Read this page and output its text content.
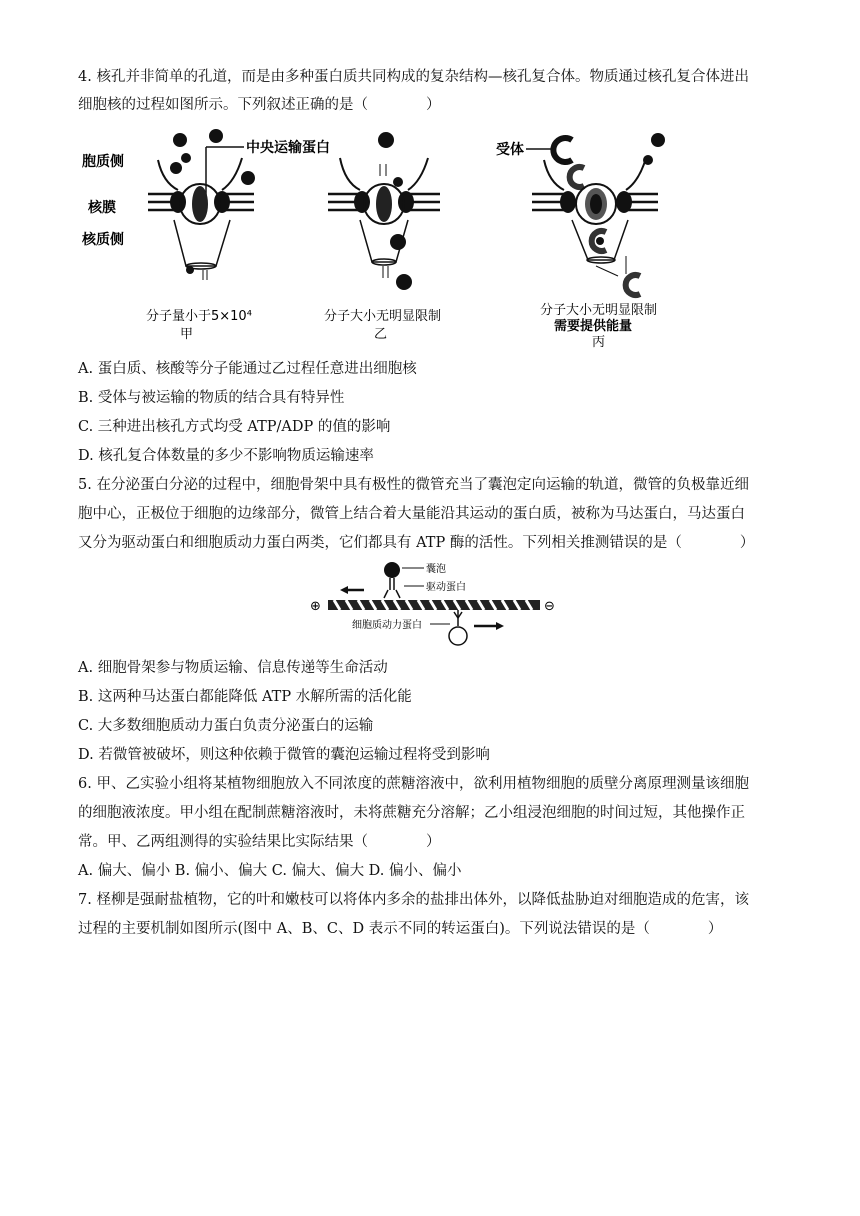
4. 核孔并非简单的孔道，而是由多种蛋白质共同构成的复杂结构—核孔复合体。物质通过核孔复合体进出
细胞核的过程如图所示。下列叙述正确的是（　　　　）
胞质侧
核膜
核质侧
中央运输蛋白
分子量小于5×10⁴
甲
分子大小无明显限制
乙
受体
分子大小无明显限制
需要提供能量
丙
A. 蛋白质、核酸等分子能通过乙过程任意进出细胞核
B. 受体与被运输的物质的结合具有特异性
C. 三种进出核孔方式均受 ATP/ADP 的值的影响
D. 核孔复合体数量的多少不影响物质运输速率
5. 在分泌蛋白分泌的过程中，细胞骨架中具有极性的微管充当了囊泡定向运输的轨道，微管的负极靠近细
胞中心，正极位于细胞的边缘部分，微管上结合着大量能沿其运动的蛋白质，被称为马达蛋白，马达蛋白
又分为驱动蛋白和细胞质动力蛋白两类，它们都具有 ATP 酶的活性。下列相关推测错误的是（　　　　）
囊泡
驱动蛋白
⊕	⊖
细胞质动力蛋白
A. 细胞骨架参与物质运输、信息传递等生命活动
B. 这两种马达蛋白都能降低 ATP 水解所需的活化能
C. 大多数细胞质动力蛋白负责分泌蛋白的运输
D. 若微管被破坏，则这种依赖于微管的囊泡运输过程将受到影响
6. 甲、乙实验小组将某植物细胞放入不同浓度的蔗糖溶液中，欲利用植物细胞的质壁分离原理测量该细胞
的细胞液浓度。甲小组在配制蔗糖溶液时，未将蔗糖充分溶解；乙小组浸泡细胞的时间过短，其他操作正
常。甲、乙两组测得的实验结果比实际结果（　　　　）
A. 偏大、偏小 B. 偏小、偏大 C. 偏大、偏大 D. 偏小、偏小
7. 柽柳是强耐盐植物，它的叶和嫩枝可以将体内多余的盐排出体外，以降低盐胁迫对细胞造成的危害，该
过程的主要机制如图所示(图中 A、B、C、D 表示不同的转运蛋白)。下列说法错误的是（　　　　）
